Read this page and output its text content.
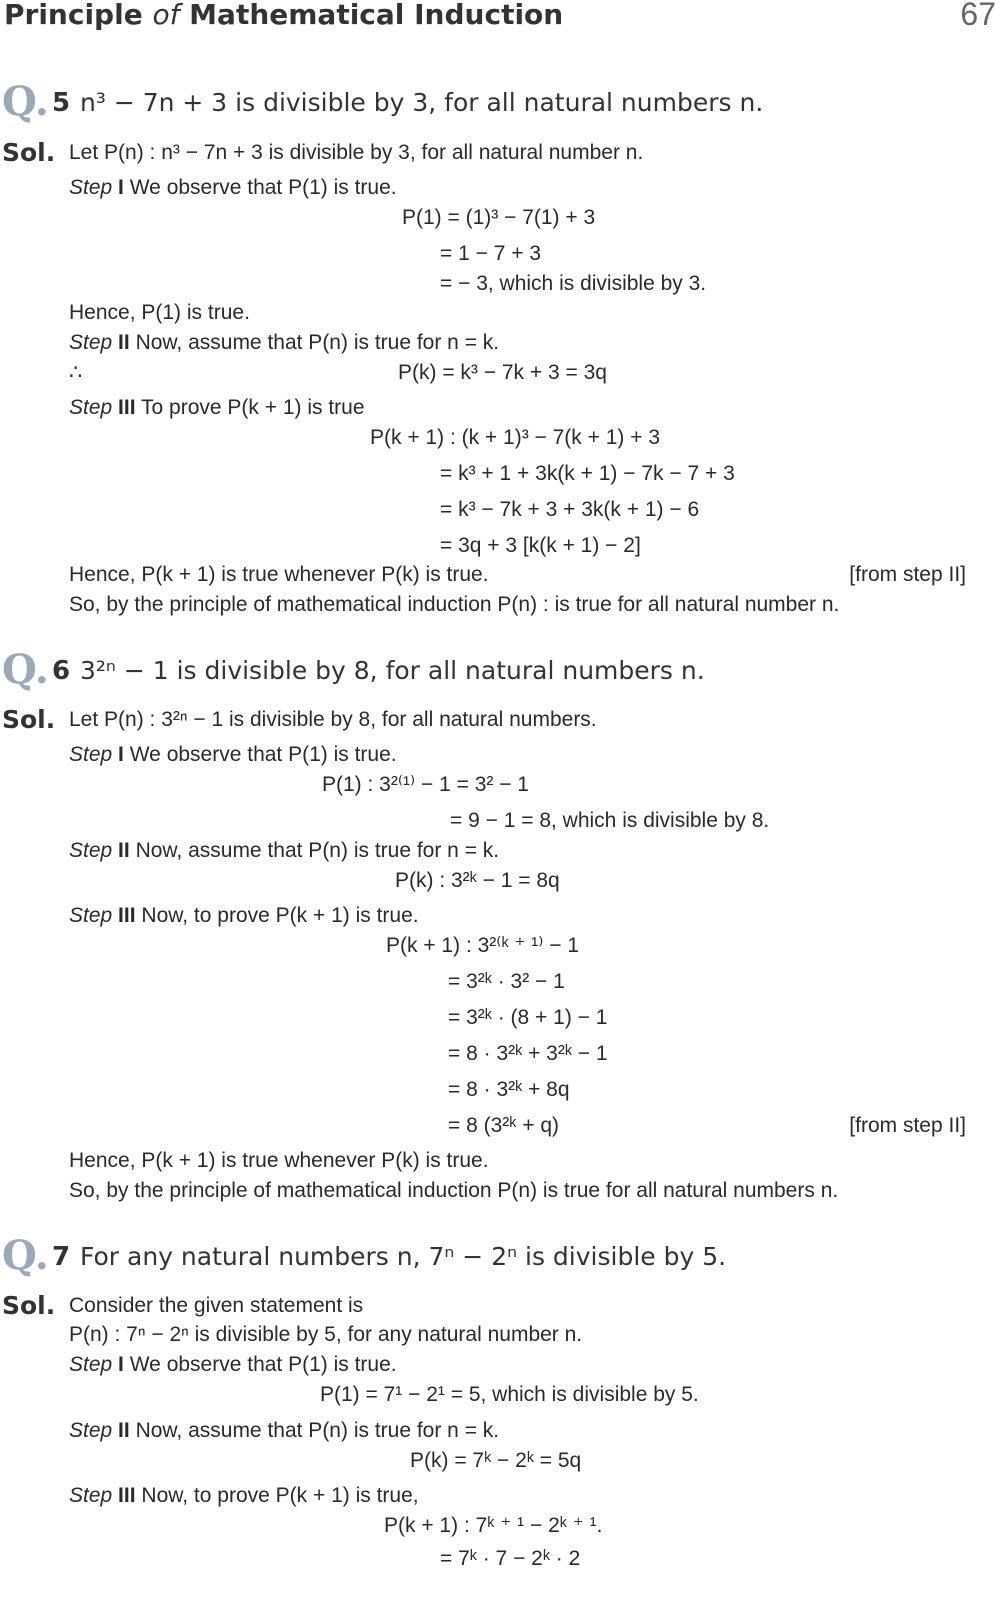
Principle of Mathematical Induction	67
Q. 5 n³ − 7n + 3 is divisible by 3, for all natural numbers n.
Sol. Let P(n) : n³ − 7n + 3 is divisible by 3, for all natural number n.
Step I We observe that P(1) is true.
P(1) = (1)³ − 7(1) + 3
= 1 − 7 + 3
= − 3, which is divisible by 3.
Hence, P(1) is true.
Step II Now, assume that P(n) is true for n = k.
∴	P(k) = k³ − 7k + 3 = 3q
Step III To prove P(k + 1) is true
P(k + 1) : (k + 1)³ − 7(k + 1) + 3
= k³ + 1 + 3k(k + 1) − 7k − 7 + 3
= k³ − 7k + 3 + 3k(k + 1) − 6
= 3q + 3 [k(k + 1) − 2]
Hence, P(k + 1) is true whenever P(k) is true.	[from step II]
So, by the principle of mathematical induction P(n) : is true for all natural number n.
Q. 6 3²ⁿ − 1 is divisible by 8, for all natural numbers n.
Sol. Let P(n) : 3²ⁿ − 1 is divisible by 8, for all natural numbers.
Step I We observe that P(1) is true.
P(1) : 3²⁽¹⁾ − 1 = 3² − 1
= 9 − 1 = 8, which is divisible by 8.
Step II Now, assume that P(n) is true for n = k.
P(k) : 3²ᵏ − 1 = 8q
Step III Now, to prove P(k + 1) is true.
P(k + 1) : 3²⁽ᵏ ⁺ ¹⁾ − 1
= 3²ᵏ · 3² − 1
= 3²ᵏ · (8 + 1) − 1
= 8 · 3²ᵏ + 3²ᵏ − 1
= 8 · 3²ᵏ + 8q
= 8 (3²ᵏ + q)	[from step II]
Hence, P(k + 1) is true whenever P(k) is true.
So, by the principle of mathematical induction P(n) is true for all natural numbers n.
Q. 7 For any natural numbers n, 7ⁿ − 2ⁿ is divisible by 5.
Sol. Consider the given statement is
P(n) : 7ⁿ − 2ⁿ is divisible by 5, for any natural number n.
Step I We observe that P(1) is true.
P(1) = 7¹ − 2¹ = 5, which is divisible by 5.
Step II Now, assume that P(n) is true for n = k.
P(k) = 7ᵏ − 2ᵏ = 5q
Step III Now, to prove P(k + 1) is true,
P(k + 1) : 7ᵏ ⁺ ¹ − 2ᵏ ⁺ ¹.
= 7ᵏ · 7 − 2ᵏ · 2
